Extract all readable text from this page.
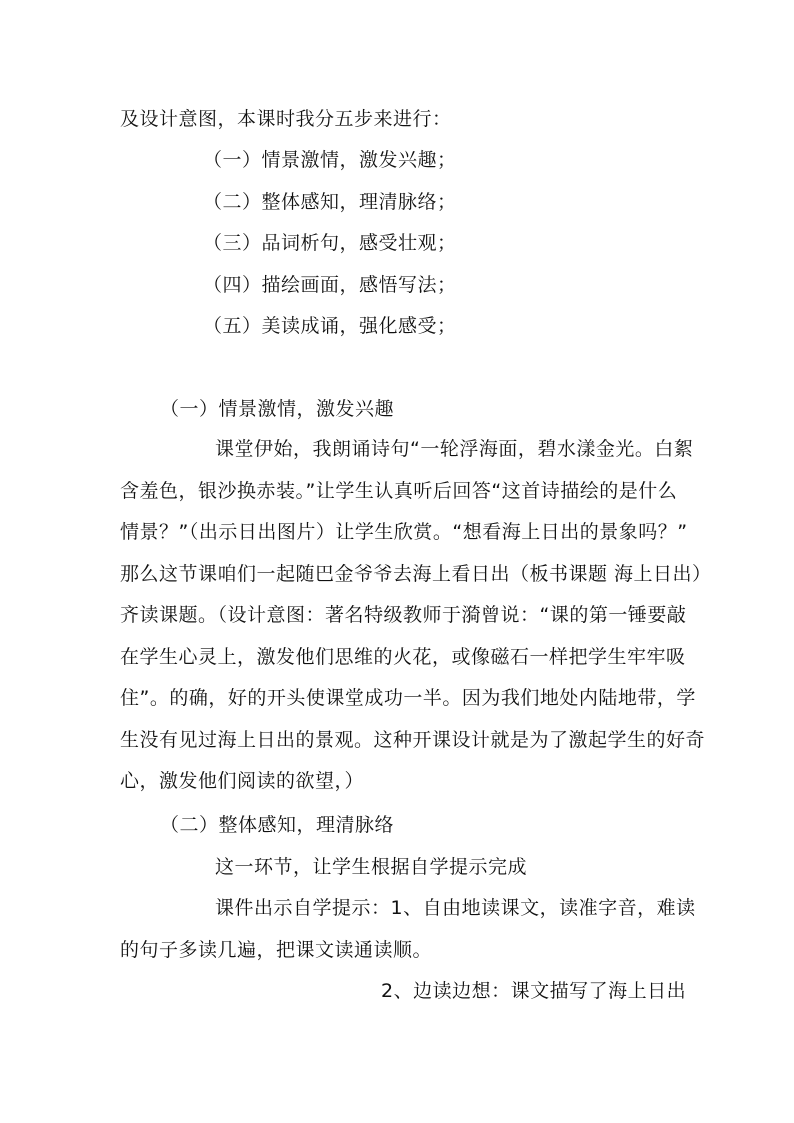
及设计意图，本课时我分五步来进行：
（一）情景激情，激发兴趣；
（二）整体感知，理清脉络；
（三）品词析句，感受壮观；
（四）描绘画面，感悟写法；
（五）美读成诵，强化感受；
（一）情景激情，激发兴趣
课堂伊始，我朗诵诗句“一轮浮海面，碧水漾金光。白絮
含羞色，银沙换赤装。”让学生认真听后回答“这首诗描绘的是什么
情景？”（出示日出图片）让学生欣赏。“想看海上日出的景象吗？”
那么这节课咱们一起随巴金爷爷去海上看日出（板书课题 海上日出）
齐读课题。（设计意图：著名特级教师于漪曾说：“课的第一锤要敲
在学生心灵上，激发他们思维的火花，或像磁石一样把学生牢牢吸
住”。的确，好的开头使课堂成功一半。因为我们地处内陆地带，学
生没有见过海上日出的景观。这种开课设计就是为了激起学生的好奇
心，激发他们阅读的欲望，）
（二）整体感知，理清脉络
这一环节，让学生根据自学提示完成
课件出示自学提示：1、自由地读课文，读准字音，难读
的句子多读几遍，把课文读通读顺。
2、边读边想：课文描写了海上日出
